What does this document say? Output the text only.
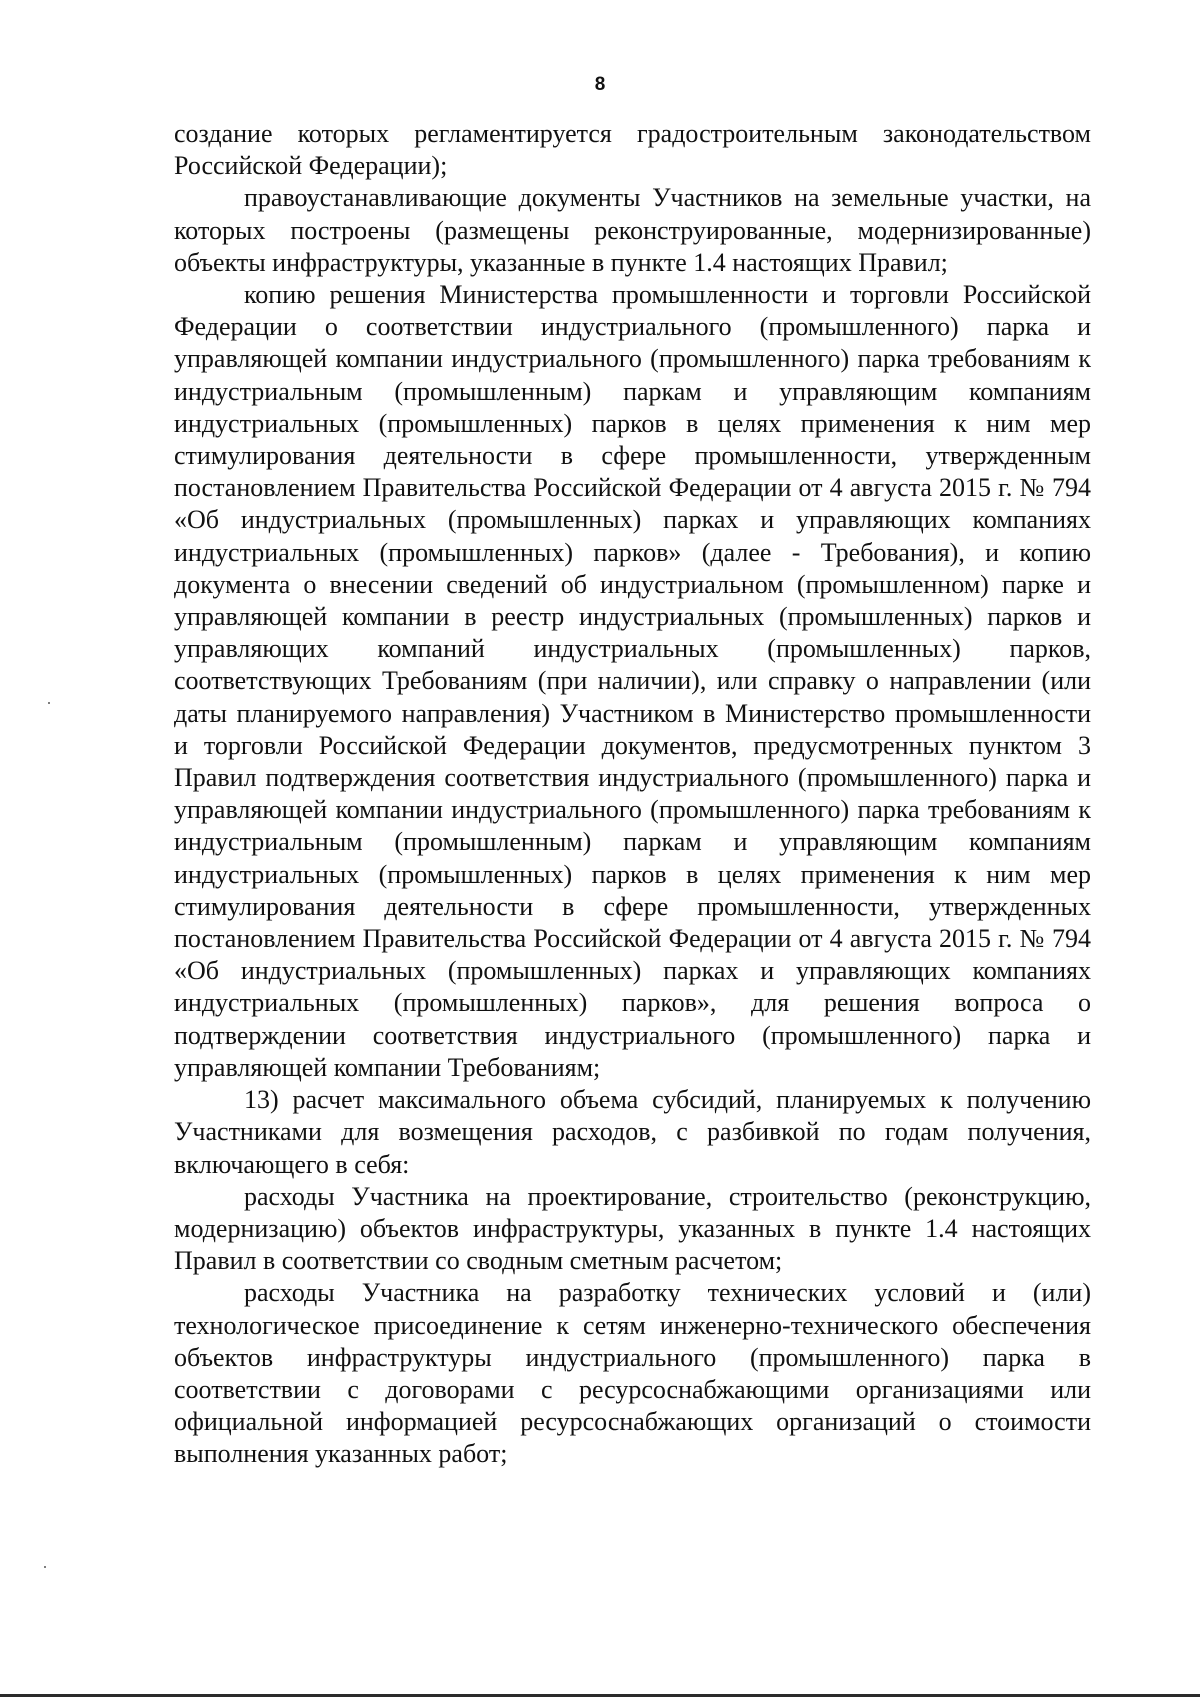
8

создание которых регламентируется градостроительным законодательством Российской Федерации);

правоустанавливающие документы Участников на земельные участки, на которых построены (размещены реконструированные, модернизированные) объекты инфраструктуры, указанные в пункте 1.4 настоящих Правил;

копию решения Министерства промышленности и торговли Российской Федерации о соответствии индустриального (промышленного) парка и управляющей компании индустриального (промышленного) парка требованиям к индустриальным (промышленным) паркам и управляющим компаниям индустриальных (промышленных) парков в целях применения к ним мер стимулирования деятельности в сфере промышленности, утвержденным постановлением Правительства Российской Федерации от 4 августа 2015 г. № 794 «Об индустриальных (промышленных) парках и управляющих компаниях индустриальных (промышленных) парков» (далее - Требования), и копию документа о внесении сведений об индустриальном (промышленном) парке и управляющей компании в реестр индустриальных (промышленных) парков и управляющих компаний индустриальных (промышленных) парков, соответствующих Требованиям (при наличии), или справку о направлении (или даты планируемого направления) Участником в Министерство промышленности и торговли Российской Федерации документов, предусмотренных пунктом 3 Правил подтверждения соответствия индустриального (промышленного) парка и управляющей компании индустриального (промышленного) парка требованиям к индустриальным (промышленным) паркам и управляющим компаниям индустриальных (промышленных) парков в целях применения к ним мер стимулирования деятельности в сфере промышленности, утвержденных постановлением Правительства Российской Федерации от 4 августа 2015 г. № 794 «Об индустриальных (промышленных) парках и управляющих компаниях индустриальных (промышленных) парков», для решения вопроса о подтверждении соответствия индустриального (промышленного) парка и управляющей компании Требованиям;

13) расчет максимального объема субсидий, планируемых к получению Участниками для возмещения расходов, с разбивкой по годам получения, включающего в себя:

расходы Участника на проектирование, строительство (реконструкцию, модернизацию) объектов инфраструктуры, указанных в пункте 1.4 настоящих Правил в соответствии со сводным сметным расчетом;

расходы Участника на разработку технических условий и (или) технологическое присоединение к сетям инженерно-технического обеспечения объектов инфраструктуры индустриального (промышленного) парка в соответствии с договорами с ресурсоснабжающими организациями или официальной информацией ресурсоснабжающих организаций о стоимости выполнения указанных работ;
